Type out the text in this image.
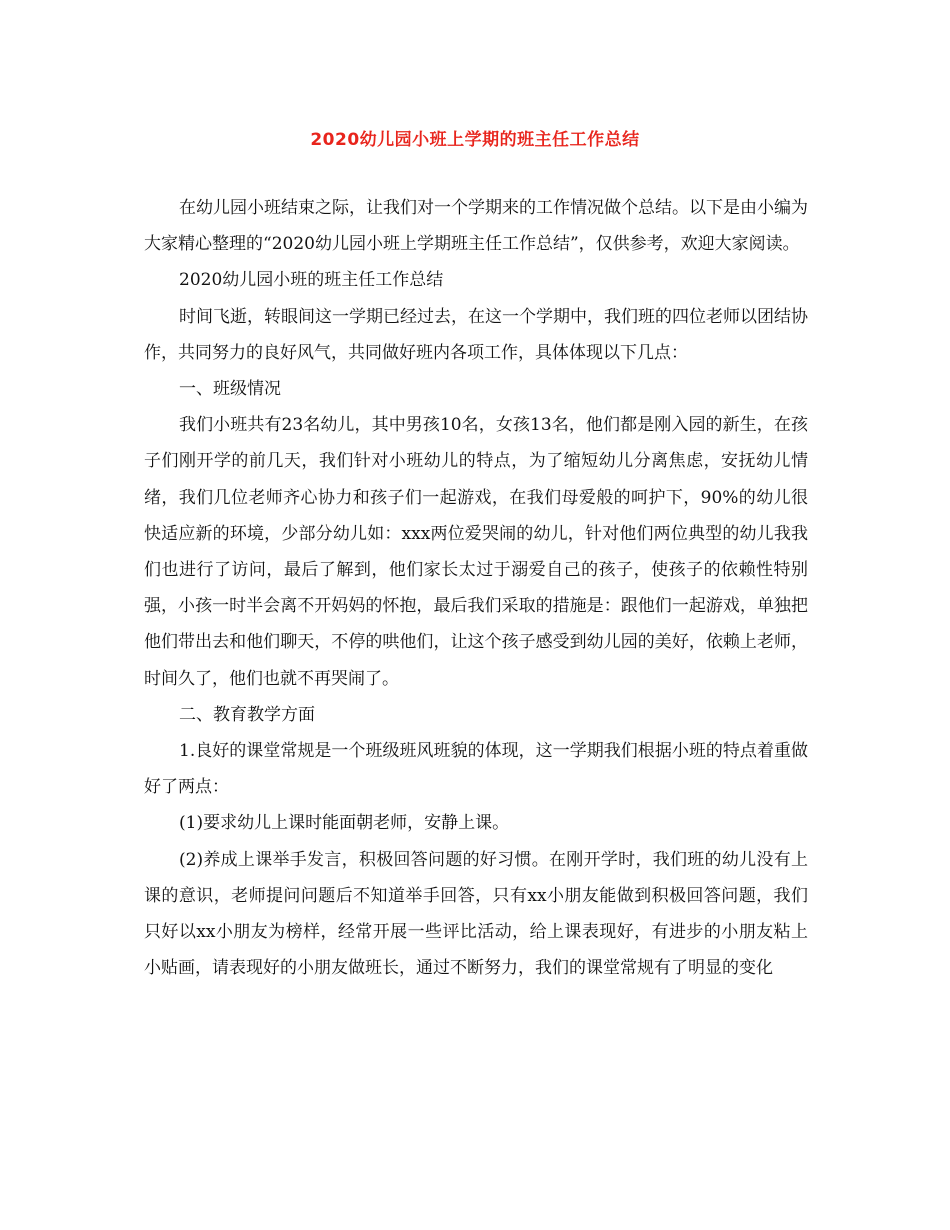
2020幼儿园小班上学期的班主任工作总结

在幼儿园小班结束之际，让我们对一个学期来的工作情况做个总结。以下是由小编为大家精心整理的“2020幼儿园小班上学期班主任工作总结”，仅供参考，欢迎大家阅读。

2020幼儿园小班的班主任工作总结

时间飞逝，转眼间这一学期已经过去，在这一个学期中，我们班的四位老师以团结协作，共同努力的良好风气，共同做好班内各项工作，具体体现以下几点：

一、班级情况

我们小班共有23名幼儿，其中男孩10名，女孩13名，他们都是刚入园的新生，在孩子们刚开学的前几天，我们针对小班幼儿的特点，为了缩短幼儿分离焦虑，安抚幼儿情绪，我们几位老师齐心协力和孩子们一起游戏，在我们母爱般的呵护下，90%的幼儿很快适应新的环境，少部分幼儿如：xxx两位爱哭闹的幼儿，针对他们两位典型的幼儿我我们也进行了访问，最后了解到，他们家长太过于溺爱自己的孩子，使孩子的依赖性特别强，小孩一时半会离不开妈妈的怀抱，最后我们采取的措施是：跟他们一起游戏，单独把他们带出去和他们聊天，不停的哄他们，让这个孩子感受到幼儿园的美好，依赖上老师，时间久了，他们也就不再哭闹了。

二、教育教学方面

1.良好的课堂常规是一个班级班风班貌的体现，这一学期我们根据小班的特点着重做好了两点：

(1)要求幼儿上课时能面朝老师，安静上课。

(2)养成上课举手发言，积极回答问题的好习惯。在刚开学时，我们班的幼儿没有上课的意识，老师提问问题后不知道举手回答，只有xx小朋友能做到积极回答问题，我们只好以xx小朋友为榜样，经常开展一些评比活动，给上课表现好，有进步的小朋友粘上小贴画，请表现好的小朋友做班长，通过不断努力，我们的课堂常规有了明显的变化
